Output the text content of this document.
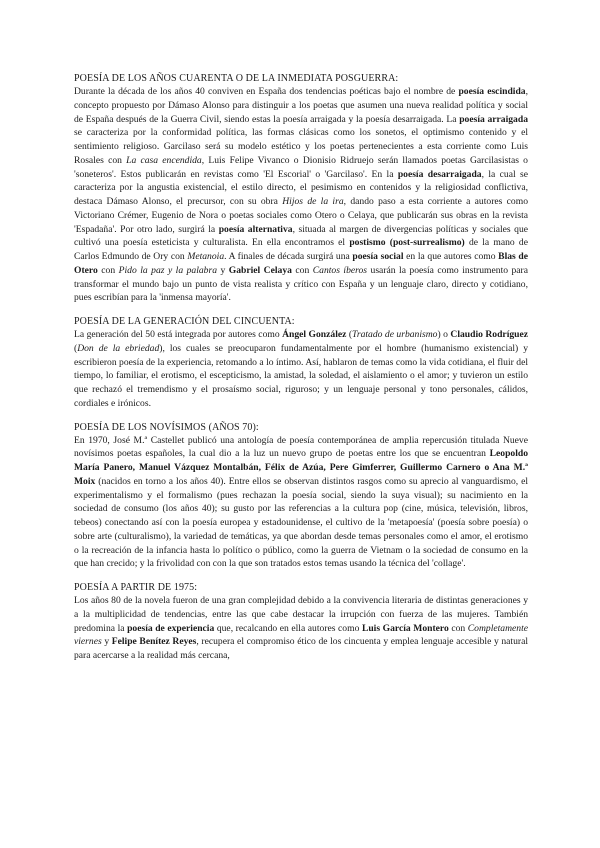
POESÍA DE LOS AÑOS CUARENTA O DE LA INMEDIATA POSGUERRA:
Durante la década de los años 40 conviven en España dos tendencias poéticas bajo el nombre de poesía escindida, concepto propuesto por Dámaso Alonso para distinguir a los poetas que asumen una nueva realidad política y social de España después de la Guerra Civil, siendo estas la poesía arraigada y la poesía desarraigada. La poesía arraigada se caracteriza por la conformidad política, las formas clásicas como los sonetos, el optimismo contenido y el sentimiento religioso. Garcilaso será su modelo estético y los poetas pertenecientes a esta corriente como Luis Rosales con La casa encendida, Luis Felipe Vivanco o Dionisio Ridruejo serán llamados poetas Garcilasistas o 'soneteros'. Estos publicarán en revistas como 'El Escorial' o 'Garcilaso'. En la poesía desarraigada, la cual se caracteriza por la angustia existencial, el estilo directo, el pesimismo en contenidos y la religiosidad conflictiva, destaca Dámaso Alonso, el precursor, con su obra Hijos de la ira, dando paso a esta corriente a autores como Victoriano Crémer, Eugenio de Nora o poetas sociales como Otero o Celaya, que publicarán sus obras en la revista 'Espadaña'. Por otro lado, surgirá la poesía alternativa, situada al margen de divergencias políticas y sociales que cultivó una poesía esteticista y culturalista. En ella encontramos el postismo (post-surrealismo) de la mano de Carlos Edmundo de Ory con Metanoia. A finales de década surgirá una poesía social en la que autores como Blas de Otero con Pido la paz y la palabra y Gabriel Celaya con Cantos íberos usarán la poesía como instrumento para transformar el mundo bajo un punto de vista realista y crítico con España y un lenguaje claro, directo y cotidiano, pues escribían para la 'inmensa mayoría'.
POESÍA DE LA GENERACIÓN DEL CINCUENTA:
La generación del 50 está integrada por autores como Ángel González (Tratado de urbanismo) o Claudio Rodríguez (Don de la ebriedad), los cuales se preocuparon fundamentalmente por el hombre (humanismo existencial) y escribieron poesía de la experiencia, retomando a lo íntimo. Así, hablaron de temas como la vida cotidiana, el fluir del tiempo, lo familiar, el erotismo, el escepticismo, la amistad, la soledad, el aislamiento o el amor; y tuvieron un estilo que rechazó el tremendismo y el prosaísmo social, riguroso; y un lenguaje personal y tono personales, cálidos, cordiales e irónicos.
POESÍA DE LOS NOVÍSIMOS (AÑOS 70):
En 1970, José M.ª Castellet publicó una antología de poesía contemporánea de amplia repercusión titulada Nueve novísimos poetas españoles, la cual dio a la luz un nuevo grupo de poetas entre los que se encuentran Leopoldo María Panero, Manuel Vázquez Montalbán, Félix de Azúa, Pere Gimferrer, Guillermo Carnero o Ana M.ª Moix (nacidos en torno a los años 40). Entre ellos se observan distintos rasgos como su aprecio al vanguardismo, el experimentalismo y el formalismo (pues rechazan la poesía social, siendo la suya visual); su nacimiento en la sociedad de consumo (los años 40); su gusto por las referencias a la cultura pop (cine, música, televisión, libros, tebeos) conectando así con la poesía europea y estadounidense, el cultivo de la 'metapoesía' (poesía sobre poesía) o sobre arte (culturalismo), la variedad de temáticas, ya que abordan desde temas personales como el amor, el erotismo o la recreación de la infancia hasta lo político o público, como la guerra de Vietnam o la sociedad de consumo en la que han crecido; y la frivolidad con con la que son tratados estos temas usando la técnica del 'collage'.
POESÍA A PARTIR DE 1975:
Los años 80 de la novela fueron de una gran complejidad debido a la convivencia literaria de distintas generaciones y a la multiplicidad de tendencias, entre las que cabe destacar la irrupción con fuerza de las mujeres. También predomina la poesía de experiencia que, recalcando en ella autores como Luis García Montero con Completamente viernes y Felipe Benítez Reyes, recupera el compromiso ético de los cincuenta y emplea lenguaje accesible y natural para acercarse a la realidad más cercana,
